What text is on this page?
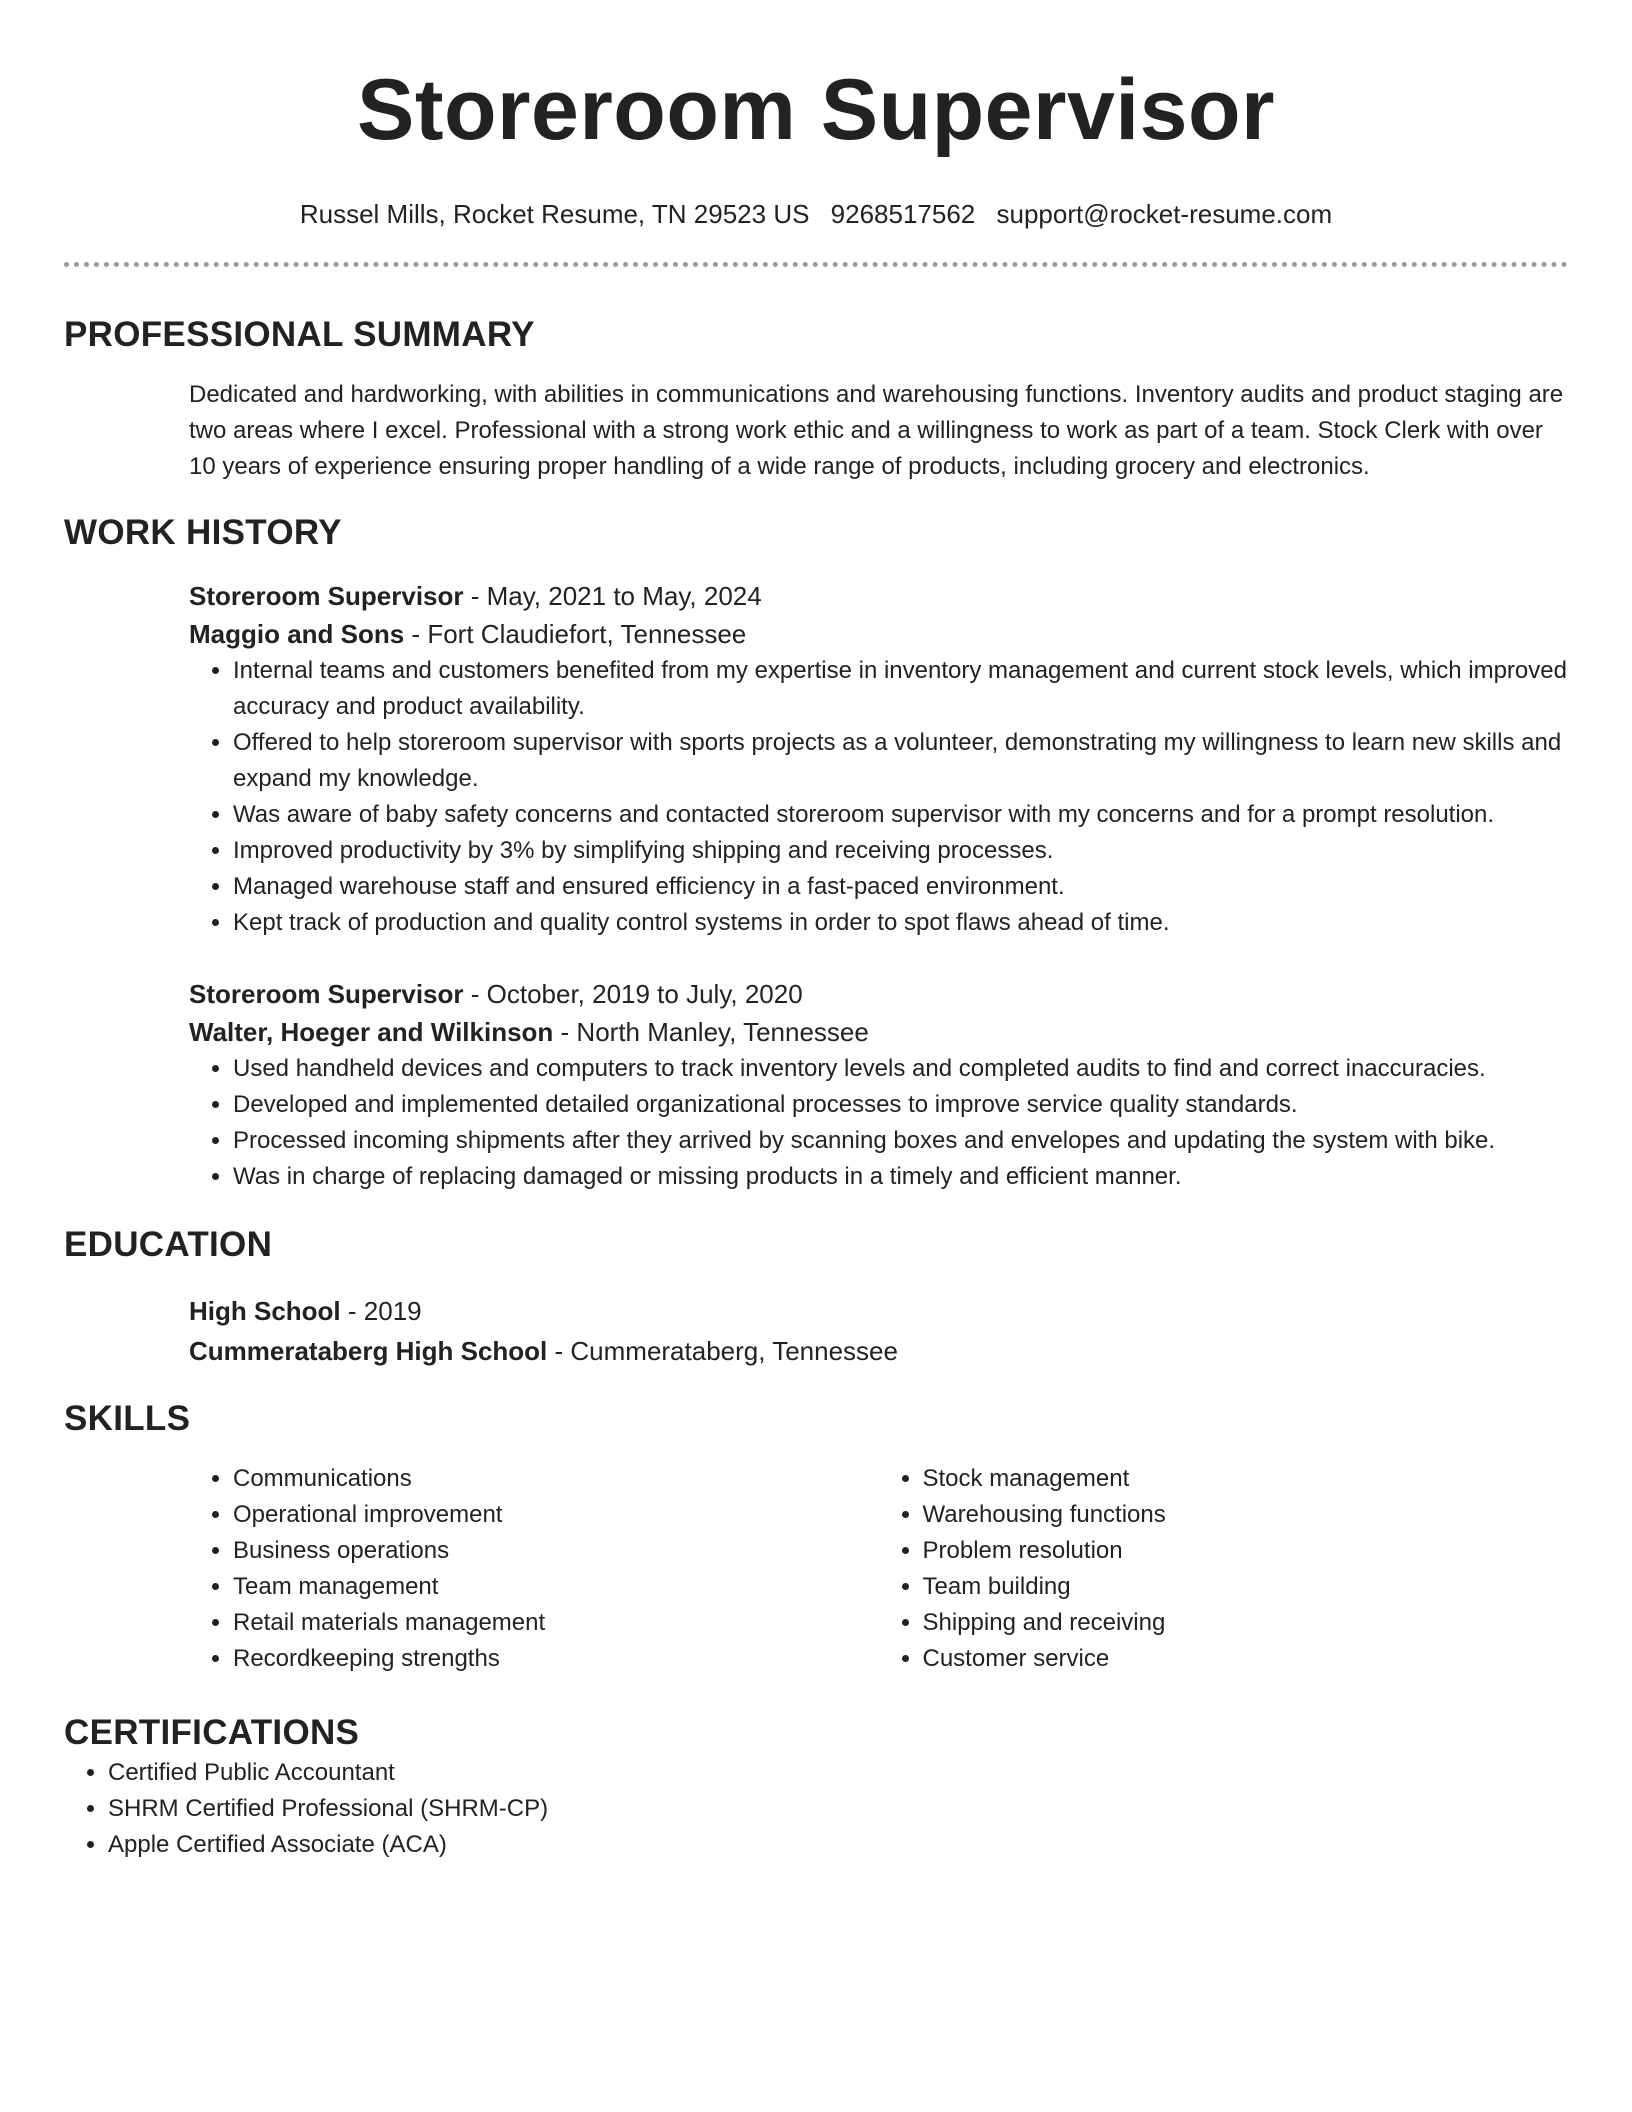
Storeroom Supervisor
Russel Mills, Rocket Resume, TN 29523 US 9268517562 support@rocket-resume.com
PROFESSIONAL SUMMARY
Dedicated and hardworking, with abilities in communications and warehousing functions. Inventory audits and product staging are two areas where I excel. Professional with a strong work ethic and a willingness to work as part of a team. Stock Clerk with over 10 years of experience ensuring proper handling of a wide range of products, including grocery and electronics.
WORK HISTORY
Storeroom Supervisor - May, 2021 to May, 2024
Maggio and Sons - Fort Claudiefort, Tennessee
• Internal teams and customers benefited from my expertise in inventory management and current stock levels, which improved accuracy and product availability.
• Offered to help storeroom supervisor with sports projects as a volunteer, demonstrating my willingness to learn new skills and expand my knowledge.
• Was aware of baby safety concerns and contacted storeroom supervisor with my concerns and for a prompt resolution.
• Improved productivity by 3% by simplifying shipping and receiving processes.
• Managed warehouse staff and ensured efficiency in a fast-paced environment.
• Kept track of production and quality control systems in order to spot flaws ahead of time.
Storeroom Supervisor - October, 2019 to July, 2020
Walter, Hoeger and Wilkinson - North Manley, Tennessee
• Used handheld devices and computers to track inventory levels and completed audits to find and correct inaccuracies.
• Developed and implemented detailed organizational processes to improve service quality standards.
• Processed incoming shipments after they arrived by scanning boxes and envelopes and updating the system with bike.
• Was in charge of replacing damaged or missing products in a timely and efficient manner.
EDUCATION
High School - 2019
Cummerataberg High School - Cummerataberg, Tennessee
SKILLS
• Communications
• Operational improvement
• Business operations
• Team management
• Retail materials management
• Recordkeeping strengths
• Stock management
• Warehousing functions
• Problem resolution
• Team building
• Shipping and receiving
• Customer service
CERTIFICATIONS
• Certified Public Accountant
• SHRM Certified Professional (SHRM-CP)
• Apple Certified Associate (ACA)
